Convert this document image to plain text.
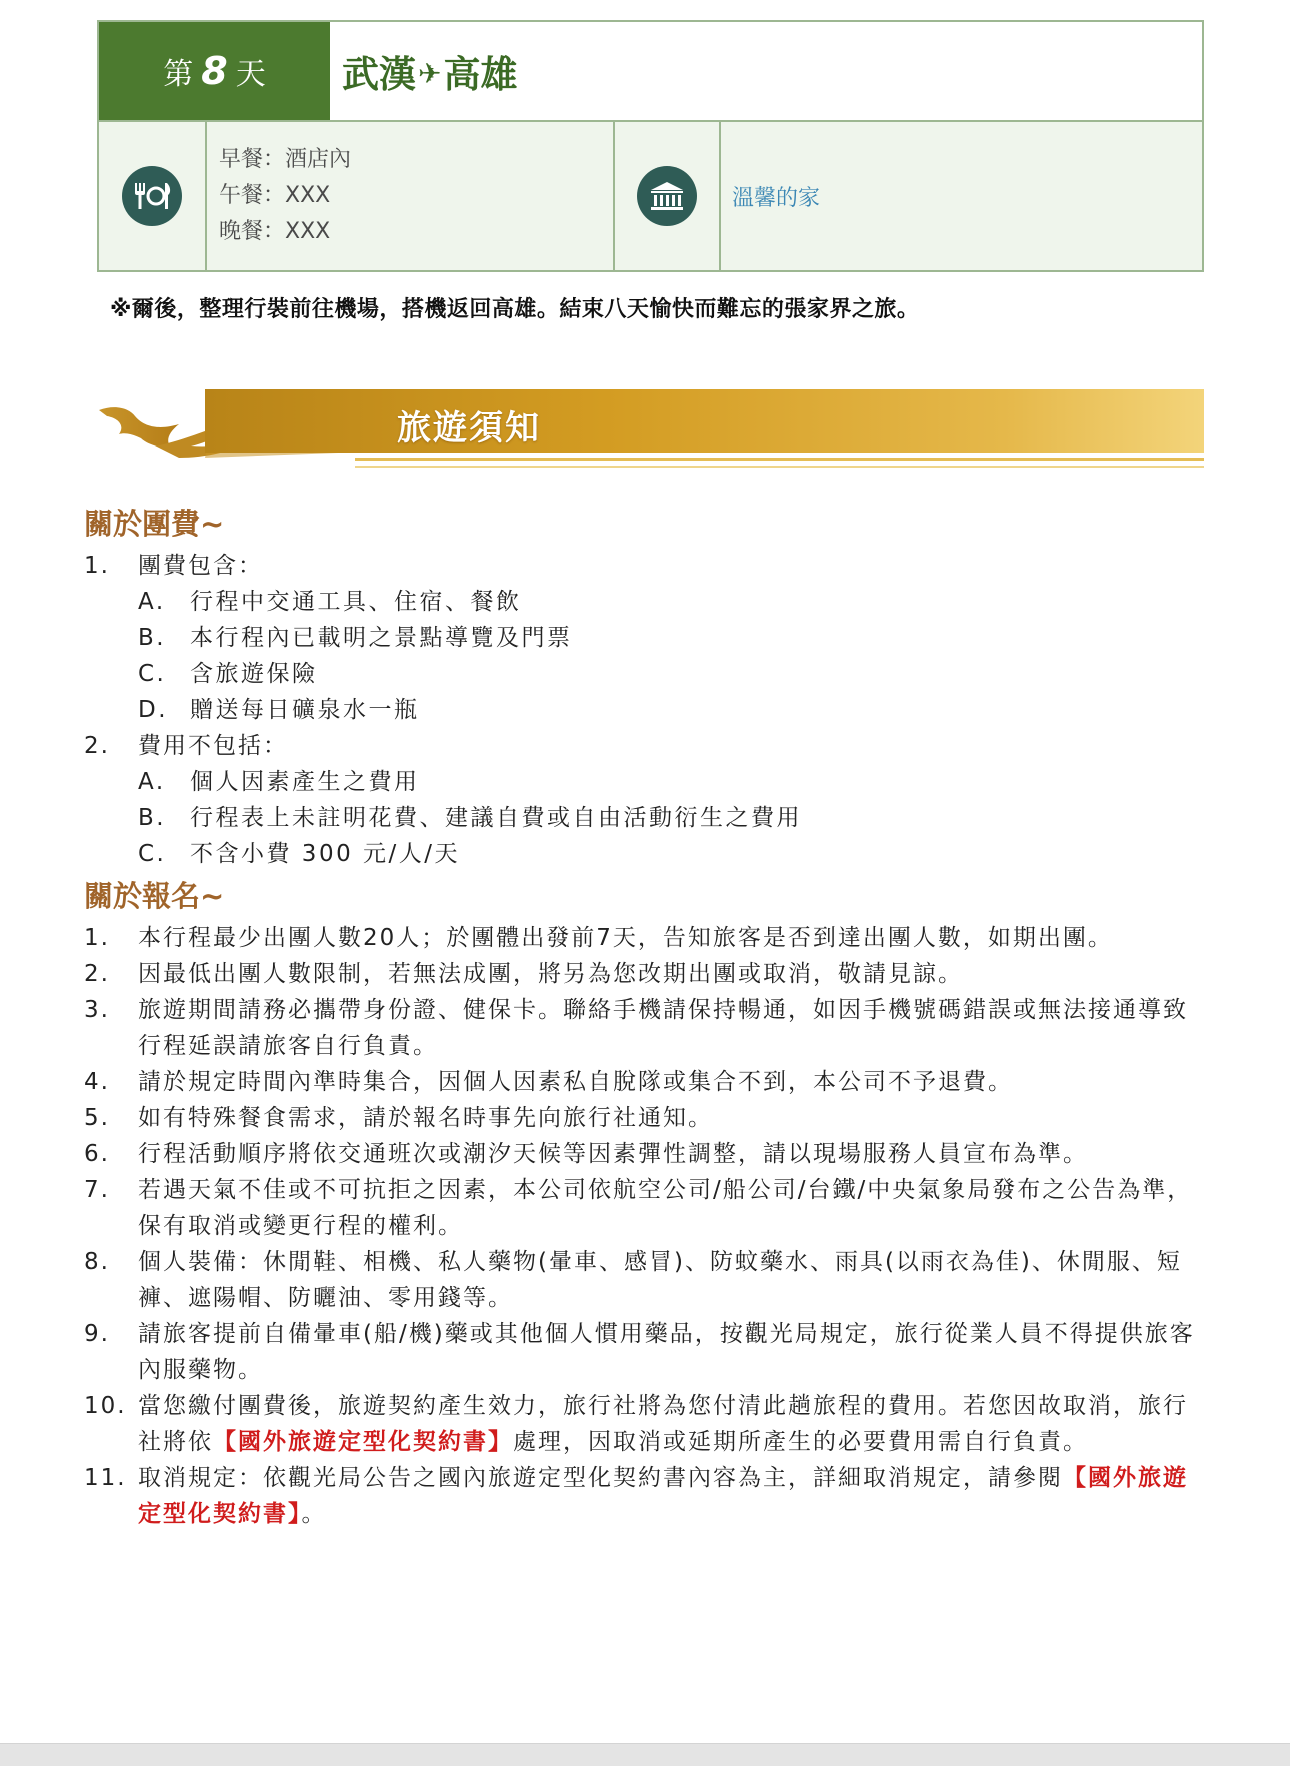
第 8 天 武漢 ✈ 高雄
早餐：酒店內
午餐：XXX
晚餐：XXX
溫馨的家
※爾後，整理行裝前往機場，搭機返回高雄。結束八天愉快而難忘的張家界之旅。
旅遊須知
關於團費~
1.	團費包含：
A.	行程中交通工具、住宿、餐飲
B.	本行程內已載明之景點導覽及門票
C.	含旅遊保險
D. 贈送每日礦泉水一瓶
2.	費用不包括：
A.	個人因素產生之費用
B.	行程表上未註明花費、建議自費或自由活動衍生之費用
C.	不含小費 300 元/人/天
關於報名~
1.	本行程最少出團人數20人；於團體出發前7天，告知旅客是否到達出團人數，如期出團。
2.	因最低出團人數限制，若無法成團，將另為您改期出團或取消，敬請見諒。
3.	旅遊期間請務必攜帶身份證、健保卡。聯絡手機請保持暢通，如因手機號碼錯誤或無法接通導致行程延誤請旅客自行負責。
4.	請於規定時間內準時集合，因個人因素私自脫隊或集合不到，本公司不予退費。
5.	如有特殊餐食需求，請於報名時事先向旅行社通知。
6.	行程活動順序將依交通班次或潮汐天候等因素彈性調整，請以現場服務人員宣布為準。
7.	若遇天氣不佳或不可抗拒之因素，本公司依航空公司/船公司/台鐵/中央氣象局發布之公告為準，保有取消或變更行程的權利。
8.	個人裝備：休閒鞋、相機、私人藥物(暈車、感冒)、防蚊藥水、雨具(以雨衣為佳)、休閒服、短褲、遮陽帽、防曬油、零用錢等。
9.	請旅客提前自備暈車(船/機)藥或其他個人慣用藥品，按觀光局規定，旅行從業人員不得提供旅客內服藥物。
10. 當您繳付團費後，旅遊契約產生效力，旅行社將為您付清此趟旅程的費用。若您因故取消，旅行社將依【國外旅遊定型化契約書】處理，因取消或延期所產生的必要費用需自行負責。
11. 取消規定：依觀光局公告之國內旅遊定型化契約書內容為主，詳細取消規定，請參閱【國外旅遊定型化契約書】。
